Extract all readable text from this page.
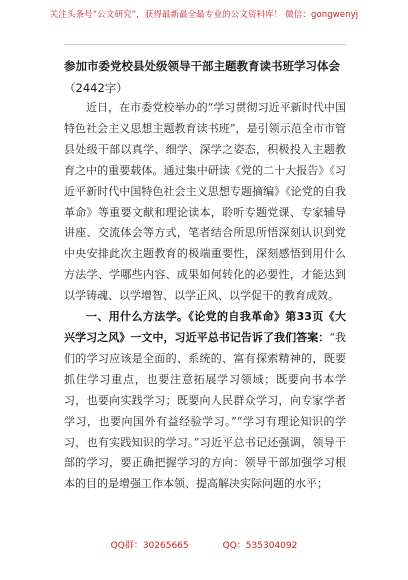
关注头条号“公文研究”，获得最新最全最专业的公文资料库！ 微信：gongwenyj
参加市委党校县处级领导干部主题教育读书班学习体会
（2442字）

近日，在市委党校举办的“学习贯彻习近平新时代中国特色社会主义思想主题教育读书班”，是引领示范全市市管县处级干部以真学、细学、深学之姿态，积极投入主题教育之中的重要载体。通过集中研读《党的二十大报告》《习近平新时代中国特色社会主义思想专题摘编》《论党的自我革命》等重要文献和理论读本，聆听专题党课、专家辅导讲座、交流体会等方式，笔者结合所思所悟深刻认识到党中央安排此次主题教育的极端重要性，深刻感悟到用什么方法学、学哪些内容、成果如何转化的必要性，才能达到以学铸魂、以学增智、以学正风、以学促干的教育成效。

一、用什么方法学。《论党的自我革命》第33页《大兴学习之风》一文中，习近平总书记告诉了我们答案：“我们的学习应该是全面的、系统的、富有探索精神的，既要抓住学习重点，也要注意拓展学习领域；既要向书本学习，也要向实践学习；既要向人民群众学习，向专家学者学习，也要向国外有益经验学习。”“学习有理论知识的学习，也有实践知识的学习。”习近平总书记还强调，领导干部的学习，要正确把握学习的方向：领导干部加强学习根本的目的是增强工作本领、提高解决实际问题的水平；

QQ群：30265665	QQ：535304092
